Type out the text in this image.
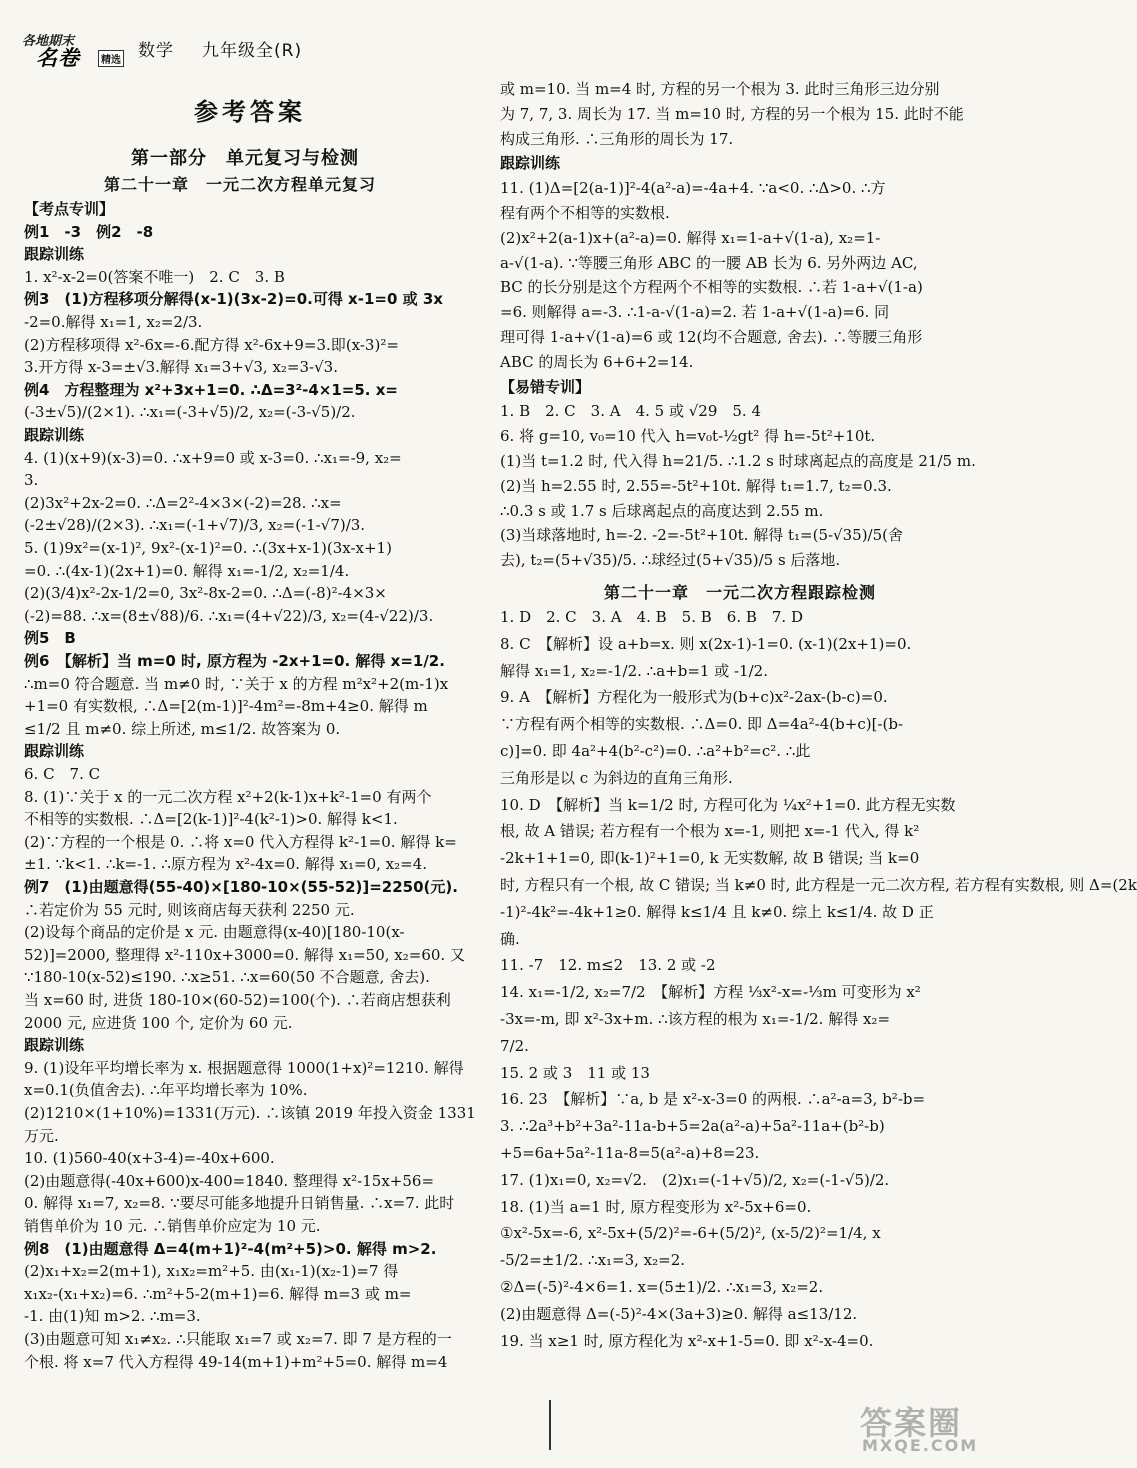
各地期末
名卷	精选 数学 九年级全(R)
参考答案
第一部分　单元复习与检测
第二十一章　一元二次方程单元复习
【考点专训】
例1　-3　例2　-8
跟踪训练
1. x²-x-2=0(答案不唯一)　2. C　3. B
例3　(1)方程移项分解得(x-1)(3x-2)=0.可得 x-1=0 或 3x
-2=0.解得 x₁=1, x₂=2/3.
(2)方程移项得 x²-6x=-6.配方得 x²-6x+9=3.即(x-3)²=
3.开方得 x-3=±√3.解得 x₁=3+√3, x₂=3-√3.
例4　方程整理为 x²+3x+1=0. ∴Δ=3²-4×1=5. x=
(-3±√5)/(2×1). ∴x₁=(-3+√5)/2, x₂=(-3-√5)/2.
跟踪训练
4. (1)(x+9)(x-3)=0. ∴x+9=0 或 x-3=0. ∴x₁=-9, x₂=
3.
(2)3x²+2x-2=0. ∴Δ=2²-4×3×(-2)=28. ∴x=
(-2±√28)/(2×3). ∴x₁=(-1+√7)/3, x₂=(-1-√7)/3.
5. (1)9x²=(x-1)², 9x²-(x-1)²=0. ∴(3x+x-1)(3x-x+1)
=0. ∴(4x-1)(2x+1)=0. 解得 x₁=-1/2, x₂=1/4.
(2)(3/4)x²-2x-1/2=0, 3x²-8x-2=0. ∴Δ=(-8)²-4×3×
(-2)=88. ∴x=(8±√88)/6. ∴x₁=(4+√22)/3, x₂=(4-√22)/3.
例5　B
例6　【解析】当 m=0 时, 原方程为 -2x+1=0. 解得 x=1/2.
∴m=0 符合题意. 当 m≠0 时, ∵关于 x 的方程 m²x²+2(m-1)x
+1=0 有实数根, ∴Δ=[2(m-1)]²-4m²=-8m+4≥0. 解得 m
≤1/2 且 m≠0. 综上所述, m≤1/2. 故答案为 0.
跟踪训练
6. C　7. C
8. (1)∵关于 x 的一元二次方程 x²+2(k-1)x+k²-1=0 有两个
不相等的实数根. ∴Δ=[2(k-1)]²-4(k²-1)>0. 解得 k<1.
(2)∵方程的一个根是 0. ∴将 x=0 代入方程得 k²-1=0. 解得 k=
±1. ∵k<1. ∴k=-1. ∴原方程为 x²-4x=0. 解得 x₁=0, x₂=4.
例7　(1)由题意得(55-40)×[180-10×(55-52)]=2250(元).
∴若定价为 55 元时, 则该商店每天获利 2250 元.
(2)设每个商品的定价是 x 元. 由题意得(x-40)[180-10(x-
52)]=2000, 整理得 x²-110x+3000=0. 解得 x₁=50, x₂=60. 又
∵180-10(x-52)≤190. ∴x≥51. ∴x=60(50 不合题意, 舍去).
当 x=60 时, 进货 180-10×(60-52)=100(个). ∴若商店想获利
2000 元, 应进货 100 个, 定价为 60 元.
跟踪训练
9. (1)设年平均增长率为 x. 根据题意得 1000(1+x)²=1210. 解得
x=0.1(负值舍去). ∴年平均增长率为 10%.
(2)1210×(1+10%)=1331(万元). ∴该镇 2019 年投入资金 1331
万元.
10. (1)560-40(x+3-4)=-40x+600.
(2)由题意得(-40x+600)x-400=1840. 整理得 x²-15x+56=
0. 解得 x₁=7, x₂=8. ∵要尽可能多地提升日销售量. ∴x=7. 此时
销售单价为 10 元. ∴销售单价应定为 10 元.
例8　(1)由题意得 Δ=4(m+1)²-4(m²+5)>0. 解得 m>2.
(2)x₁+x₂=2(m+1), x₁x₂=m²+5. 由(x₁-1)(x₂-1)=7 得
x₁x₂-(x₁+x₂)=6. ∴m²+5-2(m+1)=6. 解得 m=3 或 m=
-1. 由(1)知 m>2. ∴m=3.
(3)由题意可知 x₁≠x₂. ∴只能取 x₁=7 或 x₂=7. 即 7 是方程的一
个根. 将 x=7 代入方程得 49-14(m+1)+m²+5=0. 解得 m=4
或 m=10. 当 m=4 时, 方程的另一个根为 3. 此时三角形三边分别
为 7, 7, 3. 周长为 17. 当 m=10 时, 方程的另一个根为 15. 此时不能
构成三角形. ∴三角形的周长为 17.
跟踪训练
11. (1)Δ=[2(a-1)]²-4(a²-a)=-4a+4. ∵a<0. ∴Δ>0. ∴方
程有两个不相等的实数根.
(2)x²+2(a-1)x+(a²-a)=0. 解得 x₁=1-a+√(1-a), x₂=1-
a-√(1-a). ∵等腰三角形 ABC 的一腰 AB 长为 6. 另外两边 AC,
BC 的长分别是这个方程两个不相等的实数根. ∴若 1-a+√(1-a)
=6. 则解得 a=-3. ∴1-a-√(1-a)=2. 若 1-a+√(1-a)=6. 同
理可得 1-a+√(1-a)=6 或 12(均不合题意, 舍去). ∴等腰三角形
ABC 的周长为 6+6+2=14.
【易错专训】
1. B　2. C　3. A　4. 5 或 √29　5. 4
6. 将 g=10, v₀=10 代入 h=v₀t-½gt² 得 h=-5t²+10t.
(1)当 t=1.2 时, 代入得 h=21/5. ∴1.2 s 时球离起点的高度是 21/5 m.
(2)当 h=2.55 时, 2.55=-5t²+10t. 解得 t₁=1.7, t₂=0.3.
∴0.3 s 或 1.7 s 后球离起点的高度达到 2.55 m.
(3)当球落地时, h=-2. -2=-5t²+10t. 解得 t₁=(5-√35)/5(舍
去), t₂=(5+√35)/5. ∴球经过(5+√35)/5 s 后落地.
第二十一章　一元二次方程跟踪检测
1. D　2. C　3. A　4. B　5. B　6. B　7. D
8. C　【解析】设 a+b=x. 则 x(2x-1)-1=0. (x-1)(2x+1)=0.
解得 x₁=1, x₂=-1/2. ∴a+b=1 或 -1/2.
9. A　【解析】方程化为一般形式为(b+c)x²-2ax-(b-c)=0.
∵方程有两个相等的实数根. ∴Δ=0. 即 Δ=4a²-4(b+c)[-(b-
c)]=0. 即 4a²+4(b²-c²)=0. ∴a²+b²=c². ∴此
三角形是以 c 为斜边的直角三角形.
10. D　【解析】当 k=1/2 时, 方程可化为 ¼x²+1=0. 此方程无实数
根, 故 A 错误; 若方程有一个根为 x=-1, 则把 x=-1 代入, 得 k²
-2k+1+1=0, 即(k-1)²+1=0, k 无实数解, 故 B 错误; 当 k=0
时, 方程只有一个根, 故 C 错误; 当 k≠0 时, 此方程是一元二次方程, 若方程有实数根, 则 Δ=(2k
-1)²-4k²=-4k+1≥0. 解得 k≤1/4 且 k≠0. 综上 k≤1/4. 故 D 正
确.
11. -7　12. m≤2　13. 2 或 -2
14. x₁=-1/2, x₂=7/2　【解析】方程 ⅓x²-x=-⅓m 可变形为 x²
-3x=-m, 即 x²-3x+m. ∴该方程的根为 x₁=-1/2. 解得 x₂=
7/2.
15. 2 或 3　11 或 13
16. 23　【解析】∵a, b 是 x²-x-3=0 的两根. ∴a²-a=3, b²-b=
3. ∴2a³+b²+3a²-11a-b+5=2a(a²-a)+5a²-11a+(b²-b)
+5=6a+5a²-11a-8=5(a²-a)+8=23.
17. (1)x₁=0, x₂=√2.　(2)x₁=(-1+√5)/2, x₂=(-1-√5)/2.
18. (1)当 a=1 时, 原方程变形为 x²-5x+6=0.
①x²-5x=-6, x²-5x+(5/2)²=-6+(5/2)², (x-5/2)²=1/4, x
-5/2=±1/2. ∴x₁=3, x₂=2.
②Δ=(-5)²-4×6=1. x=(5±1)/2. ∴x₁=3, x₂=2.
(2)由题意得 Δ=(-5)²-4×(3a+3)≥0. 解得 a≤13/12.
19. 当 x≥1 时, 原方程化为 x²-x+1-5=0. 即 x²-x-4=0.
答案圈
MXQE.COM
